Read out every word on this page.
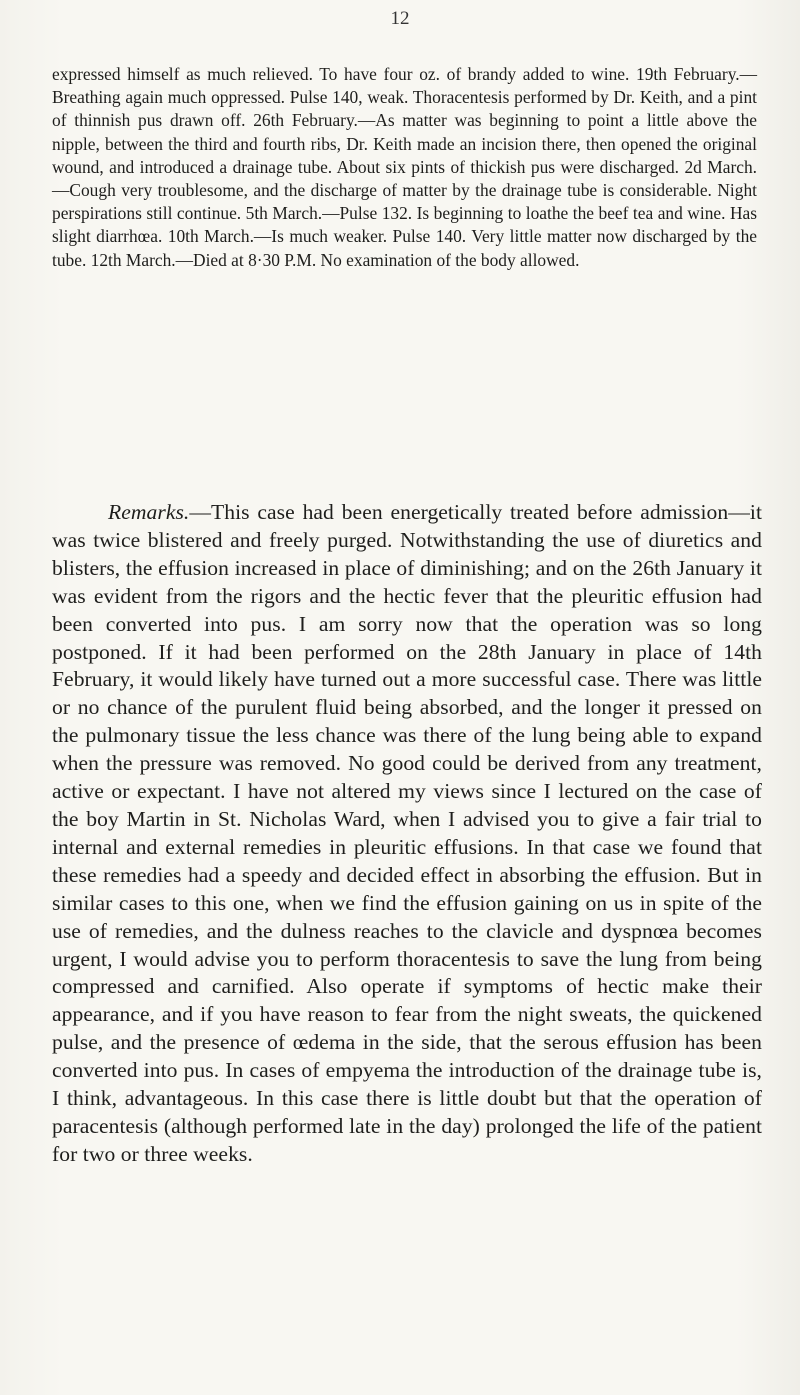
12

expressed himself as much relieved. To have four oz. of brandy added to wine. 19th February.—Breathing again much oppressed. Pulse 140, weak. Thoracentesis performed by Dr. Keith, and a pint of thinnish pus drawn off. 26th February.—As matter was beginning to point a little above the nipple, between the third and fourth ribs, Dr. Keith made an incision there, then opened the original wound, and introduced a drainage tube. About six pints of thickish pus were discharged. 2d March.—Cough very troublesome, and the discharge of matter by the drainage tube is considerable. Night perspirations still continue. 5th March.—Pulse 132. Is beginning to loathe the beef tea and wine. Has slight diarrhœa. 10th March.—Is much weaker. Pulse 140. Very little matter now discharged by the tube. 12th March.—Died at 8·30 P.M. No examination of the body allowed.

Remarks.—This case had been energetically treated before admission—it was twice blistered and freely purged. Notwithstanding the use of diuretics and blisters, the effusion increased in place of diminishing; and on the 26th January it was evident from the rigors and the hectic fever that the pleuritic effusion had been converted into pus. I am sorry now that the operation was so long postponed. If it had been performed on the 28th January in place of 14th February, it would likely have turned out a more successful case. There was little or no chance of the purulent fluid being absorbed, and the longer it pressed on the pulmonary tissue the less chance was there of the lung being able to expand when the pressure was removed. No good could be derived from any treatment, active or expectant. I have not altered my views since I lectured on the case of the boy Martin in St. Nicholas Ward, when I advised you to give a fair trial to internal and external remedies in pleuritic effusions. In that case we found that these remedies had a speedy and decided effect in absorbing the effusion. But in similar cases to this one, when we find the effusion gaining on us in spite of the use of remedies, and the dulness reaches to the clavicle and dyspnœa becomes urgent, I would advise you to perform thoracentesis to save the lung from being compressed and carnified. Also operate if symptoms of hectic make their appearance, and if you have reason to fear from the night sweats, the quickened pulse, and the presence of œdema in the side, that the serous effusion has been converted into pus. In cases of empyema the introduction of the drainage tube is, I think, advantageous. In this case there is little doubt but that the operation of paracentesis (although performed late in the day) prolonged the life of the patient for two or three weeks.
